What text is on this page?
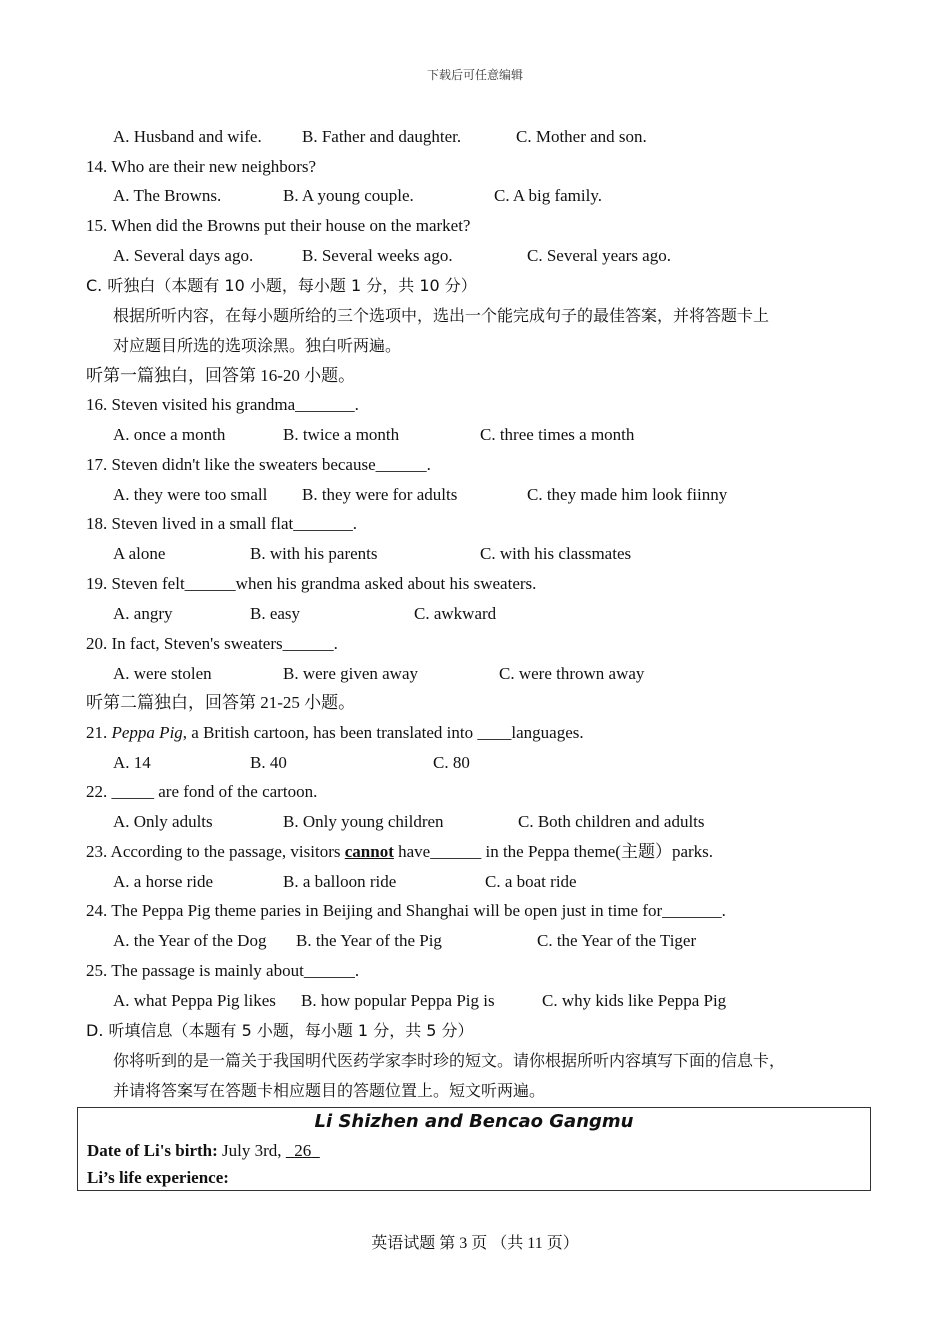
下载后可任意编辑
A. Husband and wife. B. Father and daughter.	C. Mother and son.
14. Who are their new neighbors?
A. The Browns.	B. A young couple.	C. A big family.
15. When did the Browns put their house on the market?
A. Several days ago.	B. Several weeks ago.	C. Several years ago.
C. 听独白（本题有 10 小题，每小题 1 分，共 10 分）
根据所听内容，在每小题所给的三个选项中，选出一个能完成句子的最佳答案，并将答题卡上
对应题目所选的选项涂黑。独白听两遍。
听第一篇独白，回答第 16-20 小题。
16. Steven visited his grandma_______.
A. once a month	B. twice a month	C. three times a month
17. Steven didn't like the sweaters because______.
A. they were too small B. they were for adults	C. they made him look fiinny
18. Steven lived in a small flat_______.
A alone	B. with his parents	C. with his classmates
19. Steven felt______when his grandma asked about his sweaters.
A. angry	B. easy	C. awkward
20. In fact, Steven's sweaters______.
A. were stolen	B. were given away	C. were thrown away
听第二篇独白，回答第 21-25 小题。
21. Peppa Pig, a British cartoon, has been translated into ____languages.
A. 14	B. 40	C. 80
22. _____ are fond of the cartoon.
A. Only adults	B. Only young children	C. Both children and adults
23. According to the passage, visitors cannot have______ in the Peppa theme(主题）parks.
A. a horse ride	B. a balloon ride	C. a boat ride
24. The Peppa Pig theme paries in Beijing and Shanghai will be open just in time for_______.
A. the Year of the Dog B. the Year of the Pig	C. the Year of the Tiger
25. The passage is mainly about______.
A. what Peppa Pig likes B. how popular Peppa Pig is	C. why kids like Peppa Pig
D. 听填信息（本题有 5 小题，每小题 1 分，共 5 分）
你将听到的是一篇关于我国明代医药学家李时珍的短文。请你根据所听内容填写下面的信息卡，
并请将答案写在答题卡相应题目的答题位置上。短文听两遍。
Li Shizhen and Bencao Gangmu
Date of Li's birth: July 3rd,   26
Li’s life experience:
英语试题 第 3 页 （共 11 页）
